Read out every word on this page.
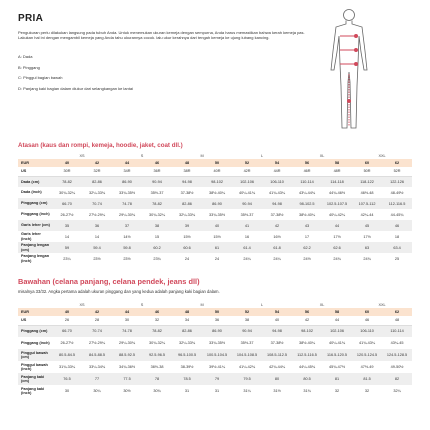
PRIA
Pengukuran perlu dilakukan langsung pada tubuh Anda. Untuk menemukan ukuran kemeja dengan sempurna, Anda harus memastikan bahwa kerah kemeja pas. Lakukan hal ini dengan mengambil kemeja yang Anda tahu ukurannya cocok. lalu ukur kerahnya dari tengah kemeja ke ujung lubang kancing.
A: Dada
B: Pinggang
C: Pinggul bagian bawah
D: Panjang kaki bagian dalam diukur dari selangkangan ke lantai
Atasan (kaus dan rompi, kemeja, hoodie, jaket, coat dll.)
	XS		S		M		L		XL		XXL	
EUR	40	42	44	46	48	50	52	54	56	58	60	62
US	30R	32R	34R	36R	38R	40R	42R	44R	46R	48R	50R	52R
Dada (cm)	78-82	82-86	86-90	90-94	94-98	98-102	102-106	106-110	110-114	114-118	118-122	122-126
Dada (inch)	30¾-32¼	32¼-33¾	33¾-35½	35½-37	37-38½	38½-40¼	40¼-41¾	41¾-43¼	43¼-44¾	44¾-46½	46½-48	48-49½
Pinggang (cm)	66-70	70-74	74-78	78-82	82-86	86-90	90-94	94-98	98-102.5	102.5-107.5	107.5-112	112-116.5
Pinggang (inch)	26-27½	27½-29¼	29¼-30¾	30¾-32¼	32¼-33¾	33¾-35½	35½-37	37-38½	38½-40¼	40¼-42¼	42¼-44	44-45¾
Garis leher (cm)	35	36	37	38	39	40	41	42	43	44	45	46
Garis leher (inch)	14	14	14½	15	15½	15½	16	16½	17	17½	17½	18
Panjang lengan (cm)	59	59.4	59.8	60.2	60.6	61	61.4	61.8	62.2	62.6	63	63.4
Panjang lengan (inch)	23¼	23½	23½	23¾	24	24	24¼	24¼	24½	24¾	24¾	25
Bawahan (celana panjang, celana pendek, jeans dll)
misalnya 33/32. Angka pertama adalah ukuran pinggang dan yang kedua adalah panjang kaki bagian dalam.
	XS		S		M		L		XL		XXL	
EUR	40	42	44	46	48	50	52	54	56	58	60	62
US	26	28	30	32	34	36	38	40	42	44	46	48
Pinggang (cm)	66-70	70-74	74-78	78-82	82-86	86-90	90-94	94-98	98-102	102-106	106-110	110-114
Pinggang (inch)	26-27½	27½-29¼	29¼-30¾	30¾-32¼	32¼-33¾	33¾-35½	35½-37	37-38½	38½-40¼	40¼-41¾	41¾-43¼	43¼-45
Pinggul bawah (cm)	80.5-84.5	84.5-88.5	88.5-92.5	92.5-96.5	96.5-100.5	100.5-104.5	104.5-108.5	108.5-112.5	112.5-116.5	116.5-120.5	120.5-124.5	124.5-128.5
Pinggul bawah (inch)	31¾-33¼	33¼-34¾	34¾-36½	36½-38	38-39½	39½-41¼	41¼-42¾	42¾-44¼	44¼-45¾	45¾-47½	47½-49	49-50½
Panjang kaki (cm)	76.5	77	77.5	78	78.5	79	79.5	80	80.5	81	81.5	82
Panjang kaki (inch)	30	30¼	30½	30¾	31	31	31¼	31½	31¾	32	32	32¼
